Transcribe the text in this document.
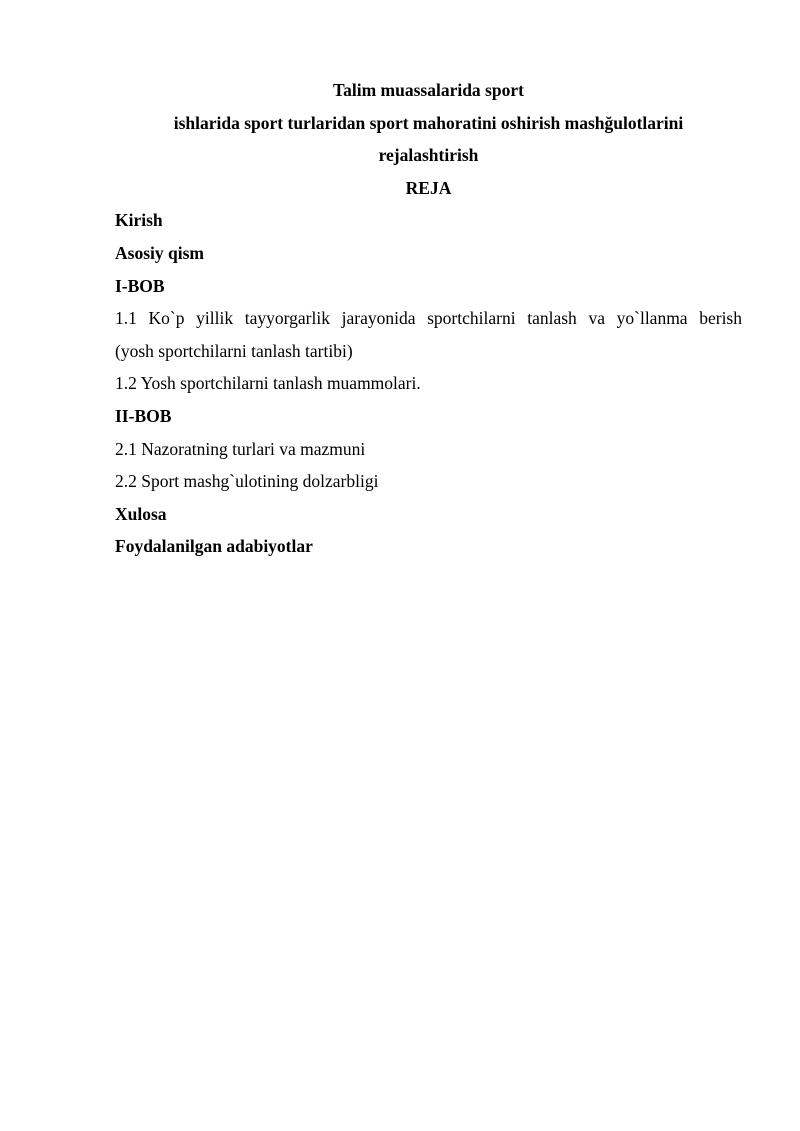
Talim muassalarida sport
ishlarida sport turlaridan sport mahoratini oshirish mashğulotlarini
rejalashtirish
REJA
Kirish
Asosiy qism
I-BOB
1.1 Ko`p yillik tayyorgarlik jarayonida sportchilarni tanlash va yo`llanma berish
(yosh sportchilarni tanlash tartibi)
1.2 Yosh sportchilarni tanlash muammolari.
II-BOB
2.1 Nazoratning turlari va mazmuni
2.2 Sport mashg`ulotining dolzarbligi
Xulosa
Foydalanilgan adabiyotlar
